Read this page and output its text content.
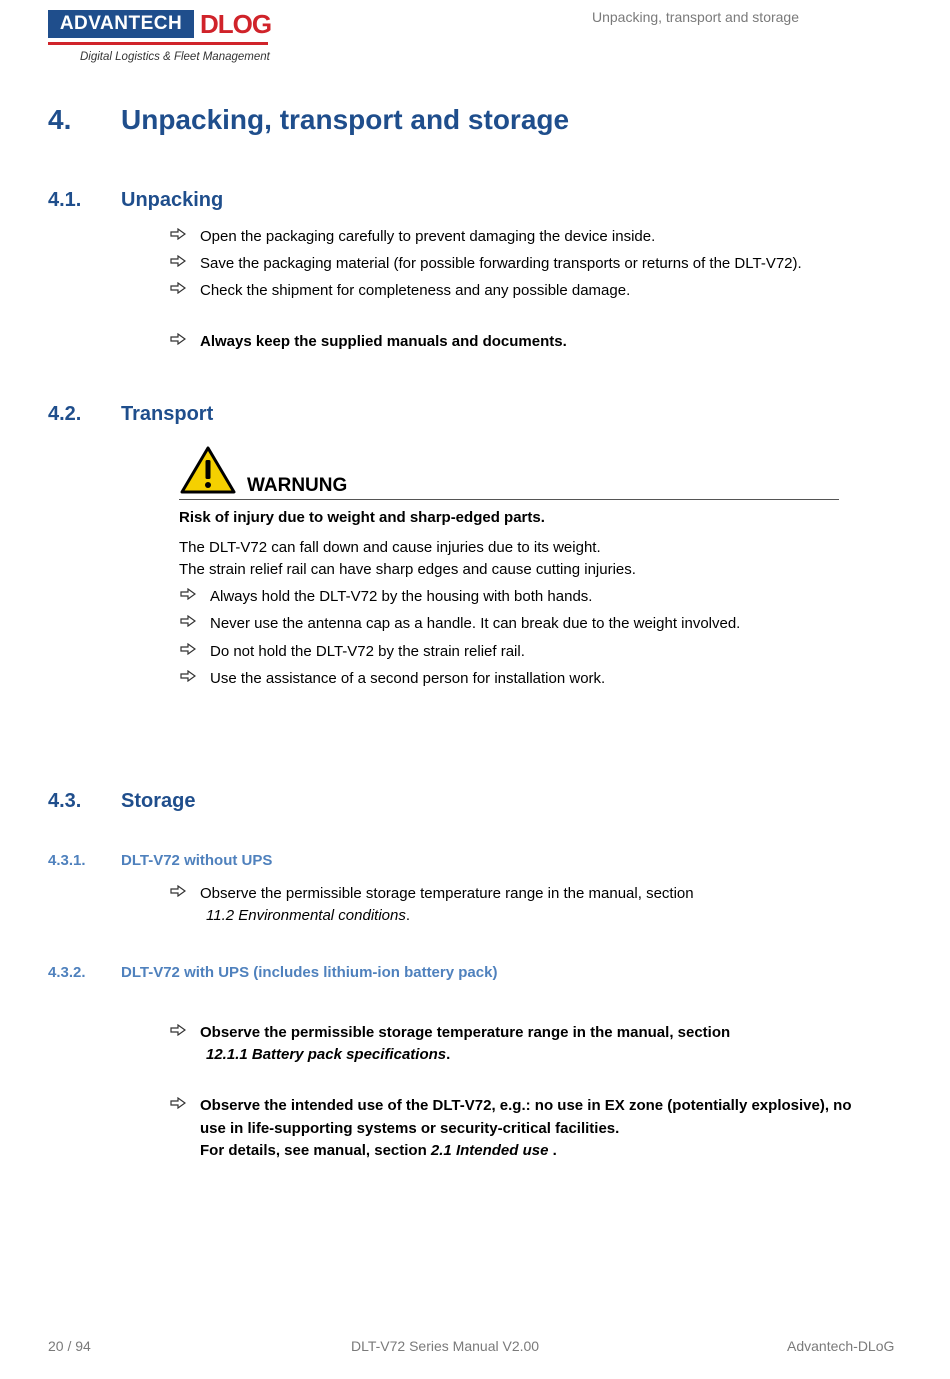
ADVANTECH DLOG
Digital Logistics & Fleet Management
Unpacking, transport and storage
4. Unpacking, transport and storage
4.1. Unpacking
Open the packaging carefully to prevent damaging the device inside.
Save the packaging material (for possible forwarding transports or returns of the DLT-V72).
Check the shipment for completeness and any possible damage.
Always keep the supplied manuals and documents.
4.2. Transport
WARNUNG
Risk of injury due to weight and sharp-edged parts.
The DLT-V72 can fall down and cause injuries due to its weight.
The strain relief rail can have sharp edges and cause cutting injuries.
Always hold the DLT-V72 by the housing with both hands.
Never use the antenna cap as a handle. It can break due to the weight involved.
Do not hold the DLT-V72 by the strain relief rail.
Use the assistance of a second person for installation work.
4.3. Storage
4.3.1. DLT-V72 without UPS
Observe the permissible storage temperature range in the manual, section
11.2 Environmental conditions.
4.3.2. DLT-V72 with UPS (includes lithium-ion battery pack)
Observe the permissible storage temperature range in the manual, section
12.1.1 Battery pack specifications.
Observe the intended use of the DLT-V72, e.g.: no use in EX zone (potentially explosive), no
use in life-supporting systems or security-critical facilities.
For details, see manual, section 2.1 Intended use .
20 / 94	DLT-V72 Series Manual V2.00	Advantech-DLoG
